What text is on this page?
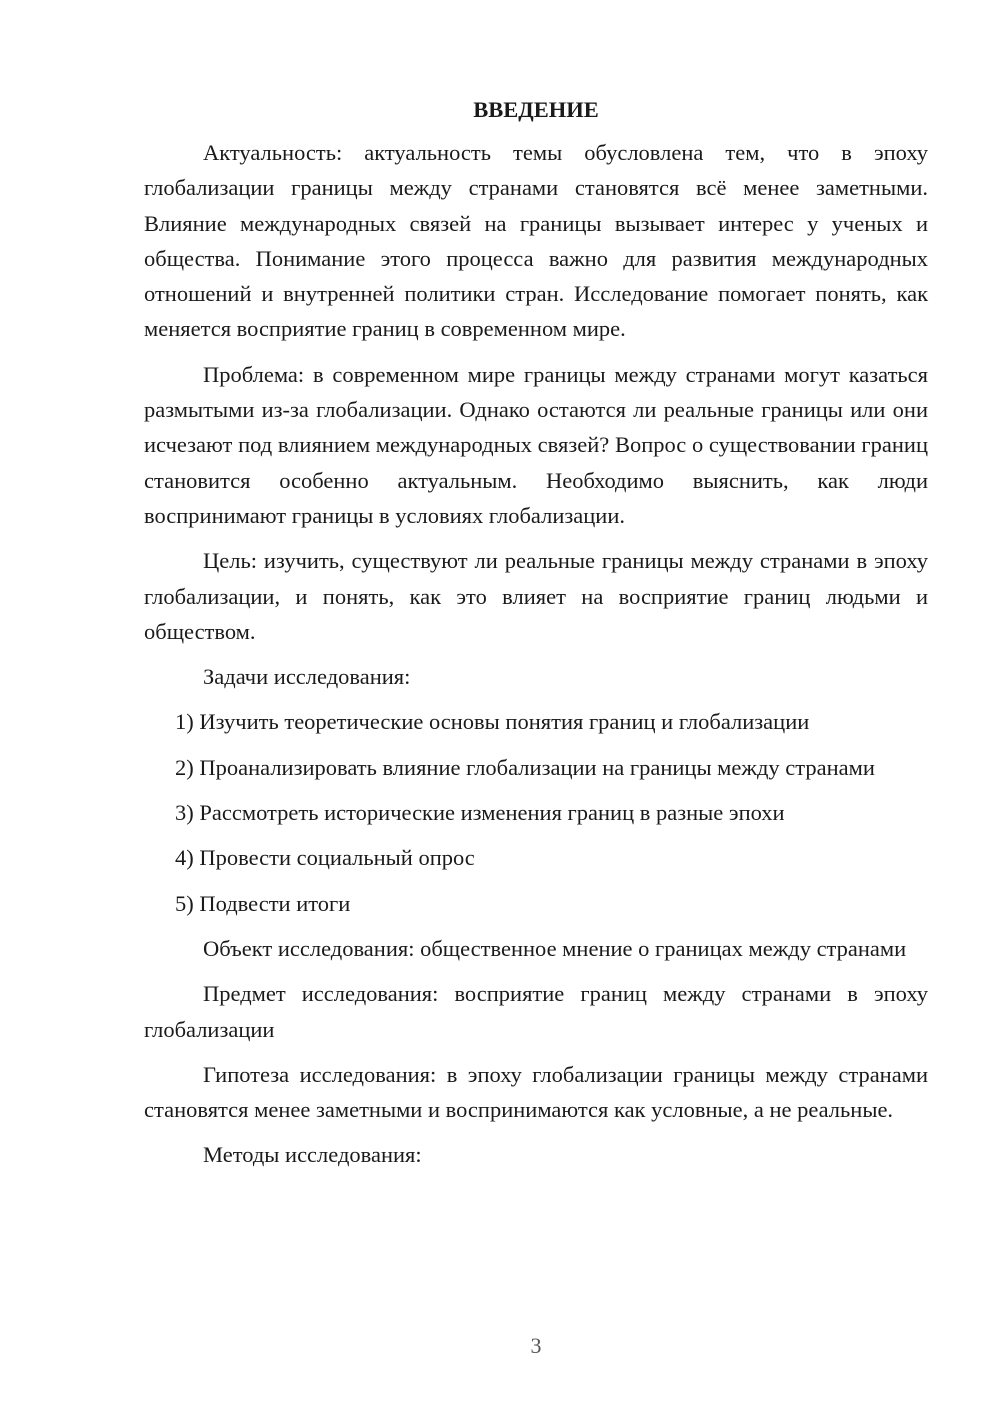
ВВЕДЕНИЕ

Актуальность: актуальность темы обусловлена тем, что в эпоху глобализации границы между странами становятся всё менее заметными. Влияние международных связей на границы вызывает интерес у ученых и общества. Понимание этого процесса важно для развития международных отношений и внутренней политики стран. Исследование помогает понять, как меняется восприятие границ в современном мире.

Проблема: в современном мире границы между странами могут казаться размытыми из-за глобализации. Однако остаются ли реальные границы или они исчезают под влиянием международных связей? Вопрос о существовании границ становится особенно актуальным. Необходимо выяснить, как люди воспринимают границы в условиях глобализации.

Цель: изучить, существуют ли реальные границы между странами в эпоху глобализации, и понять, как это влияет на восприятие границ людьми и обществом.

Задачи исследования:

1) Изучить теоретические основы понятия границ и глобализации

2) Проанализировать влияние глобализации на границы между странами

3) Рассмотреть исторические изменения границ в разные эпохи

4) Провести социальный опрос

5) Подвести итоги

Объект исследования: общественное мнение о границах между странами

Предмет исследования: восприятие границ между странами в эпоху глобализации

Гипотеза исследования: в эпоху глобализации границы между странами становятся менее заметными и воспринимаются как условные, а не реальные.

Методы исследования:

3
